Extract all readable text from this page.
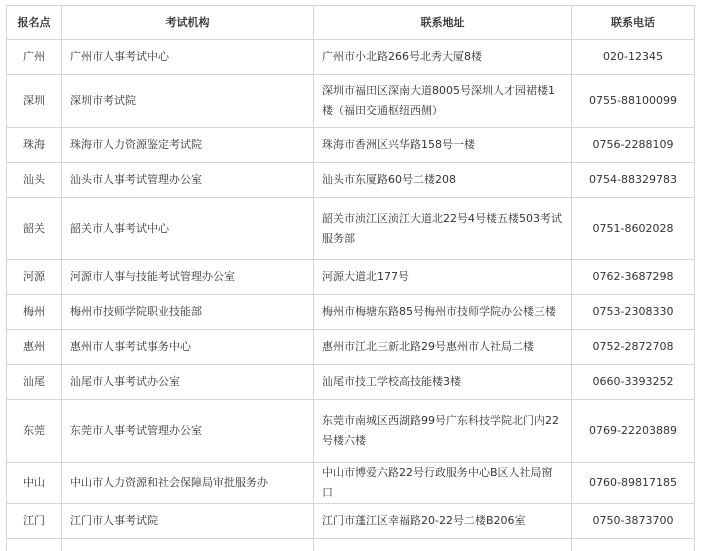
报名点	考试机构	联系地址	联系电话
广州	广州市人事考试中心	广州市小北路266号北秀大厦8楼	020-12345
深圳	深圳市考试院	深圳市福田区深南大道8005号深圳人才园裙楼1楼（福田交通枢纽西侧）	0755-88100099
珠海	珠海市人力资源鉴定考试院	珠海市香洲区兴华路158号一楼	0756-2288109
汕头	汕头市人事考试管理办公室	汕头市东厦路60号二楼208	0754-88329783
韶关	韶关市人事考试中心	韶关市浈江区浈江大道北22号4号楼五楼503考试服务部	0751-8602028
河源	河源市人事与技能考试管理办公室	河源大道北177号	0762-3687298
梅州	梅州市技师学院职业技能部	梅州市梅塘东路85号梅州市技师学院办公楼三楼	0753-2308330
惠州	惠州市人事考试事务中心	惠州市江北三新北路29号惠州市人社局二楼	0752-2872708
汕尾	汕尾市人事考试办公室	汕尾市技工学校高技能楼3楼	0660-3393252
东莞	东莞市人事考试管理办公室	东莞市南城区西湖路99号广东科技学院北门内22号楼六楼	0769-22203889
中山	中山市人力资源和社会保障局审批服务办	中山市博爱六路22号行政服务中心B区人社局窗口	0760-89817185
江门	江门市人事考试院	江门市蓬江区幸福路20-22号二楼B206室	0750-3873700
